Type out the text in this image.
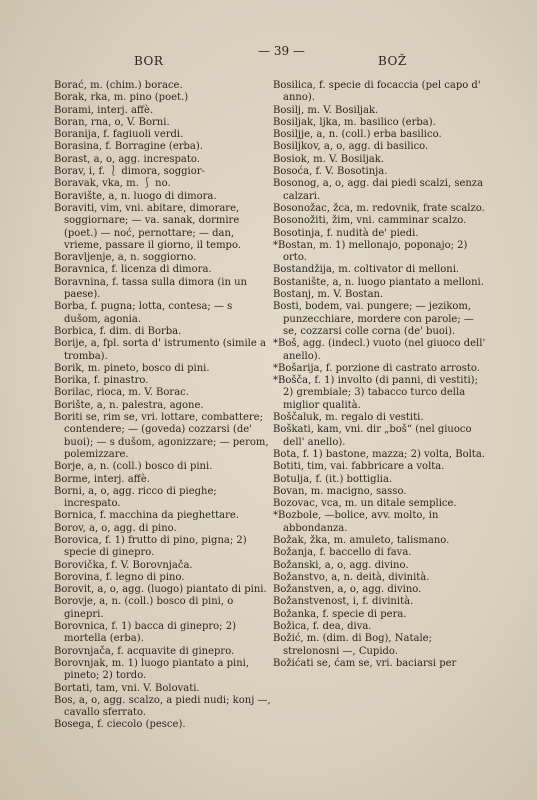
BOR
— 39 —
BOŽ

Borać, m. (chim.) borace.

Borak, rka, m. pino (poet.)

Borami, interj. affè.

Boran, rna, o, V. Borni.

Boranija, f. fagiuoli verdi.

Borasina, f. Borragine (erba).

Borast, a, o, agg. increspato.

Borav, i, f. ⎱ dimora, soggior-

Boravak, vka, m. ⎰ no.

Boravište, a, n. luogo di dimora.

Boraviti, vim, vni. abitare, dimorare, soggiornare; — va. sanak, dormire (poet.) — noć, pernottare; — dan, vrieme, passare il giorno, il tempo.

Boravljenje, a, n. soggiorno.

Boravnica, f. licenza di dimora.

Boravnina, f. tassa sulla dimora (in un paese).

Borba, f. pugna; lotta, contesa; — s dušom, agonia.

Borbica, f. dim. di Borba.

Borije, a, fpl. sorta d' istrumento (simile a tromba).

Borik, m. pineto, bosco di pini.

Borika, f. pinastro.

Borilac, rioca, m. V. Borac.

Borište, a, n. palestra, agone.

Boriti se, rim se, vri. lottare, combattere; contendere; — (goveda) cozzarsi (de' buoi); — s dušom, agonizzare; — perom, polemizzare.

Borje, a, n. (coll.) bosco di pini.

Borme, interj. affè.

Borni, a, o, agg. ricco di pieghe; increspato.

Bornica, f. macchina da pieghettare.

Borov, a, o, agg. di pino.

Borovica, f. 1) frutto di pino, pigna; 2) specie di ginepro.

Borovička, f. V. Borovnjača.

Borovina, f. legno di pino.

Borovit, a, o, agg. (luogo) piantato di pini.

Borovje, a, n. (coll.) bosco di pini, o ginepri.

Borovnica, f. 1) bacca di ginepro; 2) mortella (erba).

Borovnjača, f. acquavite di ginepro.

Borovnjak, m. 1) luogo piantato a pini, pineto; 2) tordo.

Bortati, tam, vni. V. Bolovati.

Bos, a, o, agg. scalzo, a piedi nudi; konj —, cavallo sferrato.

Bosega, f. ciecolo (pesce).

Bosilica, f. specie di focaccia (pel capo d' anno).

Bosilj, m. V. Bosiljak.

Bosiljak, ljka, m. basilico (erba).

Bosiljje, a, n. (coll.) erba basilico.

Bosiljkov, a, o, agg. di basilico.

Bosiok, m. V. Bosiljak.

Bosoća, f. V. Bosotinja.

Bosonog, a, o, agg. dai piedi scalzi, senza calzari.

Bosonožac, žca, m. redovnik, frate scalzo.

Bosonožiti, žim, vni. camminar scalzo.

Bosotinja, f. nudità de' piedi.

*Bostan, m. 1) mellonajo, poponajo; 2) orto.

Bostandžija, m. coltivator di melloni.

Bostanište, a, n. luogo piantato a melloni.

Bostanj, m. V. Bostan.

Bosti, bodem, vai. pungere; — jezikom, punzecchiare, mordere con parole; — se, cozzarsi colle corna (de' buoi).

*Boš, agg. (indecl.) vuoto (nel giuoco dell' anello).

*Bošarija, f. porzione di castrato arrosto.

*Bošča, f. 1) involto (di panni, di vestiti); 2) grembiale; 3) tabacco turco della miglior qualità.

Boščaluk, m. regalo di vestiti.

Boškati, kam, vni. dir „boš“ (nel giuoco dell' anello).

Bota, f. 1) bastone, mazza; 2) volta, Bolta.

Botiti, tim, vai. fabbricare a volta.

Botulja, f. (it.) bottiglia.

Bovan, m. macigno, sasso.

Bozovac, vca, m. un ditale semplice.

*Bozbole, —bolice, avv. molto, in abbondanza.

Božak, žka, m. amuleto, talismano.

Božanja, f. baccello di fava.

Božanski, a, o, agg. divino.

Božanstvo, a, n. deità, divinità.

Božanstven, a, o, agg. divino.

Božanstvenost, i, f. divinità.

Božanka, f. specie di pera.

Božica, f. dea, diva.

Božić, m. (dim. di Bog), Natale; strelonosni —, Cupido.

Božićati se, ćam se, vri. baciarsi per
